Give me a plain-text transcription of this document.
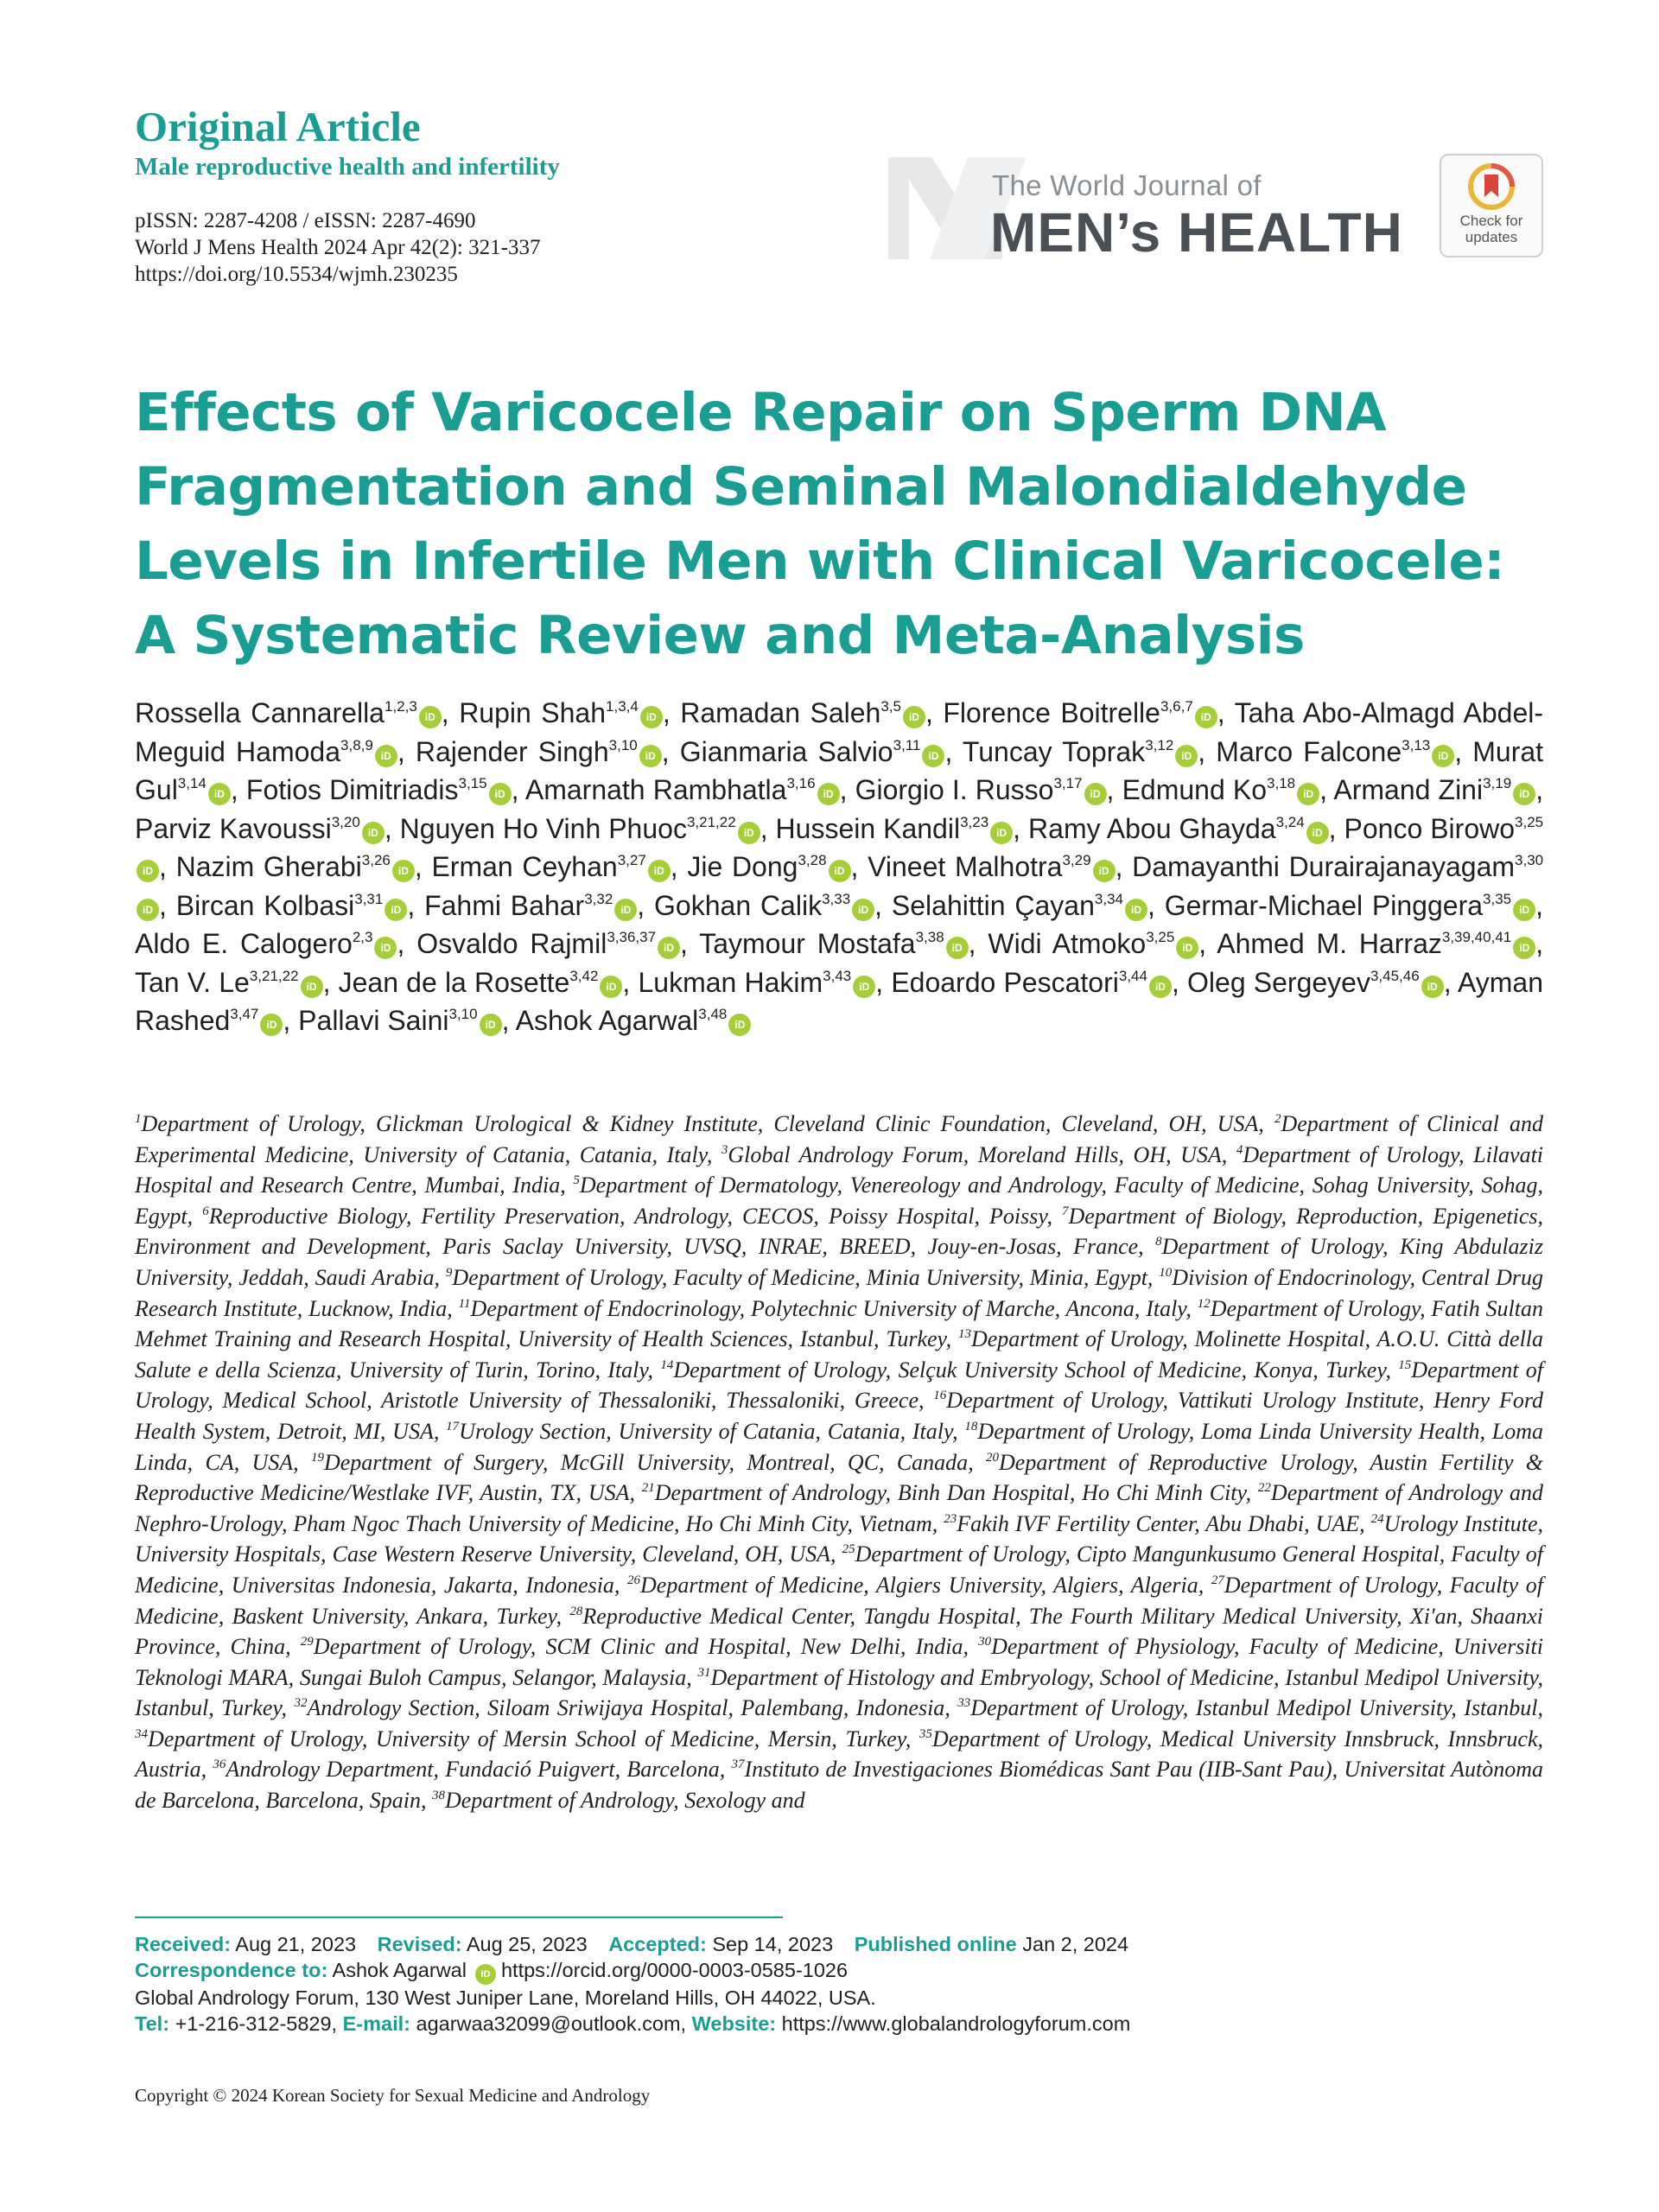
Original Article

Male reproductive health and infertility

pISSN: 2287-4208 / eISSN: 2287-4690
World J Mens Health 2024 Apr 42(2): 321-337
https://doi.org/10.5534/wjmh.230235
The World Journal of
MEN’s HEALTH	Check for
updates
Effects of Varicocele Repair on Sperm DNA
Fragmentation and Seminal Malondialdehyde
Levels in Infertile Men with Clinical Varicocele:
A Systematic Review and Meta-Analysis

Rossella Cannarella$^{1,2,3}$iD , Rupin Shah$^{1,3,4}$iD , Ramadan Saleh$^{3,5}$iD , Florence Boitrelle$^{3,6,7}$iD , Taha Abo-Almagd Abdel-Meguid Hamoda$^{3,8,9}$iD , Rajender Singh$^{3,10}$iD , Gianmaria Salvio$^{3,11}$iD , Tuncay Toprak$^{3,12}$iD , Marco Falcone$^{3,13}$iD , Murat Gul$^{3,14}$iD , Fotios Dimitriadis$^{3,15}$iD , Amarnath Rambhatla$^{3,16}$iD , Giorgio I. Russo$^{3,17}$iD , Edmund Ko$^{3,18}$iD , Armand Zini$^{3,19}$iD , Parviz Kavoussi$^{3,20}$iD , Nguyen Ho Vinh Phuoc$^{3,21,22}$iD , Hussein Kandil$^{3,23}$iD , Ramy Abou Ghayda$^{3,24}$iD , Ponco Birowo$^{3,25}$iD , Nazim Gherabi$^{3,26}$iD , Erman Ceyhan$^{3,27}$iD , Jie Dong$^{3,28}$iD , Vineet Malhotra$^{3,29}$iD , Damayanthi Durairajanayagam$^{3,30}$iD , Bircan Kolbasi$^{3,31}$iD , Fahmi Bahar$^{3,32}$iD , Gokhan Calik$^{3,33}$iD , Selahittin Çayan$^{3,34}$iD , Germar-Michael Pinggera$^{3,35}$iD , Aldo E. Calogero$^{2,3}$iD , Osvaldo Rajmil$^{3,36,37}$iD , Taymour Mostafa$^{3,38}$iD , Widi Atmoko$^{3,25}$iD , Ahmed M. Harraz$^{3,39,40,41}$iD , Tan V. Le$^{3,21,22}$iD , Jean de la Rosette$^{3,42}$iD , Lukman Hakim$^{3,43}$iD , Edoardo Pescatori$^{3,44}$iD , Oleg Sergeyev$^{3,45,46}$iD , Ayman Rashed$^{3,47}$iD , Pallavi Saini$^{3,10}$iD , Ashok Agarwal$^{3,48}$iD

$^1$Department of Urology, Glickman Urological & Kidney Institute, Cleveland Clinic Foundation, Cleveland, OH, USA, $^2$Department of Clinical and Experimental Medicine, University of Catania, Catania, Italy, $^3$Global Andrology Forum, Moreland Hills, OH, USA, $^4$Department of Urology, Lilavati Hospital and Research Centre, Mumbai, India, $^5$Department of Dermatology, Venereology and Andrology, Faculty of Medicine, Sohag University, Sohag, Egypt, $^6$Reproductive Biology, Fertility Preservation, Andrology, CECOS, Poissy Hospital, Poissy, $^7$Department of Biology, Reproduction, Epigenetics, Environment and Development, Paris Saclay University, UVSQ, INRAE, BREED, Jouy-en-Josas, France, $^8$Department of Urology, King Abdulaziz University, Jeddah, Saudi Arabia, $^9$Department of Urology, Faculty of Medicine, Minia University, Minia, Egypt, $^{10}$Division of Endocrinology, Central Drug Research Institute, Lucknow, India, $^{11}$Department of Endocrinology, Polytechnic University of Marche, Ancona, Italy, $^{12}$Department of Urology, Fatih Sultan Mehmet Training and Research Hospital, University of Health Sciences, Istanbul, Turkey, $^{13}$Department of Urology, Molinette Hospital, A.O.U. Città della Salute e della Scienza, University of Turin, Torino, Italy, $^{14}$Department of Urology, Selçuk University School of Medicine, Konya, Turkey, $^{15}$Department of Urology, Medical School, Aristotle University of Thessaloniki, Thessaloniki, Greece, $^{16}$Department of Urology, Vattikuti Urology Institute, Henry Ford Health System, Detroit, MI, USA, $^{17}$Urology Section, University of Catania, Catania, Italy, $^{18}$Department of Urology, Loma Linda University Health, Loma Linda, CA, USA, $^{19}$Department of Surgery, McGill University, Montreal, QC, Canada, $^{20}$Department of Reproductive Urology, Austin Fertility & Reproductive Medicine/Westlake IVF, Austin, TX, USA, $^{21}$Department of Andrology, Binh Dan Hospital, Ho Chi Minh City, $^{22}$Department of Andrology and Nephro-Urology, Pham Ngoc Thach University of Medicine, Ho Chi Minh City, Vietnam, $^{23}$Fakih IVF Fertility Center, Abu Dhabi, UAE, $^{24}$Urology Institute, University Hospitals, Case Western Reserve University, Cleveland, OH, USA, $^{25}$Department of Urology, Cipto Mangunkusumo General Hospital, Faculty of Medicine, Universitas Indonesia, Jakarta, Indonesia, $^{26}$Department of Medicine, Algiers University, Algiers, Algeria, $^{27}$Department of Urology, Faculty of Medicine, Baskent University, Ankara, Turkey, $^{28}$Reproductive Medical Center, Tangdu Hospital, The Fourth Military Medical University, Xi'an, Shaanxi Province, China, $^{29}$Department of Urology, SCM Clinic and Hospital, New Delhi, India, $^{30}$Department of Physiology, Faculty of Medicine, Universiti Teknologi MARA, Sungai Buloh Campus, Selangor, Malaysia, $^{31}$Department of Histology and Embryology, School of Medicine, Istanbul Medipol University, Istanbul, Turkey, $^{32}$Andrology Section, Siloam Sriwijaya Hospital, Palembang, Indonesia, $^{33}$Department of Urology, Istanbul Medipol University, Istanbul, $^{34}$Department of Urology, University of Mersin School of Medicine, Mersin, Turkey, $^{35}$Department of Urology, Medical University Innsbruck, Innsbruck, Austria, $^{36}$Andrology Department, Fundació Puigvert, Barcelona, $^{37}$Instituto de Investigaciones Biomédicas Sant Pau (IIB-Sant Pau), Universitat Autònoma de Barcelona, Barcelona, Spain, $^{38}$Department of Andrology, Sexology and

Received: Aug 21, 2023 Revised: Aug 25, 2023 Accepted: Sep 14, 2023 Published online Jan 2, 2024
Correspondence to: Ashok Agarwal iD https://orcid.org/0000-0003-0585-1026
Global Andrology Forum, 130 West Juniper Lane, Moreland Hills, OH 44022, USA.
Tel: +1-216-312-5829, E-mail: agarwaa32099@outlook.com, Website: https://www.globalandrologyforum.com
Copyright © 2024 Korean Society for Sexual Medicine and Andrology
